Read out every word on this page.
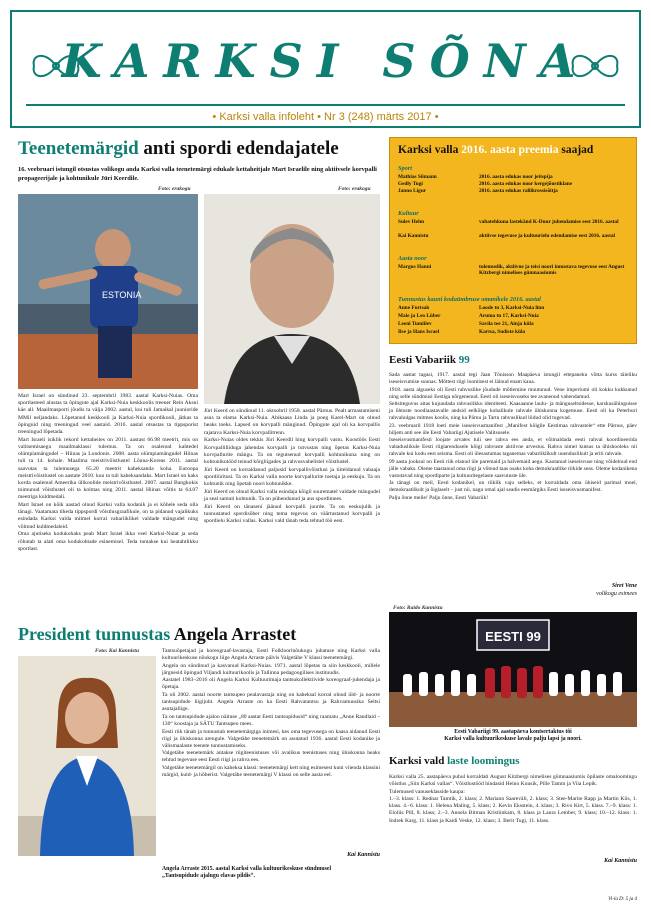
KARKSI SÕNA
• Karksi valla infoleht • Nr 3 (248) märts 2017 •
Teenetemärgid anti spordi edendajatele
16. veebruari istungil otsustas volikogu anda Karksi valla teenetemärgi edukale kettaheitjale Mart Israelile ning aktiivsele korvpalli propageerijale ja kohtunikule Jüri Keerdile.
Foto: erakogu	Foto: erakogu
ESTONIA

Mart Israel on sündinud 23. septembril 1983. aastal Karksi-Nuias. Oma sportlasteed alustas ta õpingute ajal Karksi-Nuia keskkoolis treener Rein Aksni käe all. Maailmasporti jõudis ta välja 2002. aastal, kui tuli Jamaikal juunioride MMil neljandaks. Lõpetanud keskkooli ja Karksi-Nuia spordikooli, jätkas ta õpinguid ning treeningud veel aastaid. 2016. aastal otsustas ta tippsporist treeningud lõpetada.

Mart Israeli isiklik rekord kettaheites on 2011. aastast 66.98 meetrit, mis on valitsemisaegu maailmaklassi tulemus. Ta on osalenud kahtedel olümpiamängudel – Hiinas ja Londonis. 2008. aasta olümpiamängudel Hiinas tuli ta 14. kohale. Maailma meistrivõistlustel Lõuna-Koreas 2011. aastal saavutas ta tulemusega 65.20 meetrit kaheksanda koha. Euroopa meistrivõistlustel on aastate 2010. kuu ta tuli kaheksandaks. Mart Israel on kaks korda osalenud Ameerika ülikoolide meistrivõistlustel. 2007. aastal Bangkokis toimunud võistlustel oli ta kolmas ning 2011. aastal Hiinas võitis ta 64.07 meetriga kuldmedali.

Mart Israel on kõik aastad olnud Karksi valla kodanik ja ei kõhele seda olla tänagi. Vaatamata tiheda tippspordi võistlusgraafikule, on ta pidanud vajalikuks esindada Karksi valda mitmel korral vabariiklikel valdade mängudel ning võitnud kuldmedaleid.

Oma ajutiseks kodukohaks peab Mart Israel ikka veel Karksi-Nuiat ja seda rõhutab ta alati oma kodukohtade esinemisel. Teda tuntakse kui heatahtlikku sportlast.

Jüri Keerd on sündinud 11. oktoobril 1958. aastal Pärnus. Pealt armastamiseni asus ta elama Karksi-Nuia. Abikaasa Linda ja poeg Karel-Mart on olnud heaks toeks. Lapsed on korvpalli mänginud. Õpingute ajal oli ka korvpallis rajatava Karksi-Nuia korvpallitrenn.

Karksi-Nuias oldes tekkis Jüri Keerdil hing korvpalli vastu. Koostöös Eesti Korvpalliliiduga jahendas korvpalli ja tutvustas ning õpetas Karksi-Nuia korvpallurite mängu. Ta on tegutsenud korvpalli kohtunikuna ning on kohtunikutööd teinud kõrgliigades ja rahvusvahelistel võistlustel.

Jüri Keerd on korraldanud paljusid korvpallivõistlusi ja tiiteldanud vabaaja spordiüritusi. Ta on Karksi valla noorte korvpallurite toetaja ja eeskuju. Ta on kohtunik ning õpetab noori kohtunikke.

Jüri Keerd on olnud Karksi valla esindaja kõigil suurematel valdade mängudel ja seal samuti kohtunik. Ta on pühendunud ja aus spordimees.

Jüri Keerd on tänaseni jäänud korvpalli juurde. Ta on eeskujulik ja tunnustatud spordisõber ning tema tegevus on väärtustanud korvpalli ja spordielu Karksi vallas. Karksi vald tänab teda tehtud töö eest.

Karksi valla 2016. aasta preemia saajad
Sport
Mathias Siimann	2016. aasta edukas noor jetispija
Gedly Tugi	2016. aasta edukas noor kergejõustiklane
Janno Ligur	2016. aasta edukas rallikrossisõitja
Kultuur
Sulev Helm	vahatehkuna lastekänd K-Duur juhendamise eest 2016. aastal
Kai Kannistu	aktiivse tegevuse ja kultuurielu edendamise eest 2016. aastal
Aasta noor
Margus Hanni	tulemuslik, aktiivne ja teisi noori innustava tegevuse eest Angust Kitzbergi nimelises gümnaasiumis
Tunnustus kauni koduümbruse omanikele 2016. aastal
Anne Furtsak	Loode tn 3, Karksi-Nuia linn
Maie ja Leo Lüber	Aruma tn 17, Karksi-Nuia
Leeni Tumiilev	Savila tee 21, Ainja küla
Ilse ja Hans Israel	Kartsa, Sudiste küla
Eesti Vabariik 99

Sada aastat tagasi, 1917. aastal tegi Jaan Tõnisson Maapäeva istungil ettepaneku võtta kurss täieliku iseseisvumise suunas. Mõttest riigi loomisest ei läinud enam kaua.

1918. aasta alguseks oli Eesti rahvuslike jõudude mõtlemine muutunud. Vene imperiumi oli kokku kukkunud ning selle sündmusi Eestiga nõrgenenud. Eesti oli iseseisvuseks tee avanenud vahendamud.

Seltsiteguvus aitas kujundada rahvuslikku identiteeti. Kaasaanne laulu- ja mänguseltsidesse, karskusühinguisse ja õhtuste noodiaastavalle andsid eelkõige kohalikule rahvale ühiskonna kogemuse. Eesti oli ka Peterburi rahvahulgas mitmes koolis, ning ka Pärnu ja Tartu rahvuslikud liidud olid tugevad.

23. veebruaril 1918 loeti meie iseseisvusmanifest „Manifest kõigile Eestimaa rahvastele“ ette Pärnus, päev hiljem anti see üle Eesti Vabariigi Ajutisele Valitsusele.

Iseseisvusmanifesti loojate arvates tuli see rahva ees anda, et võimaldada eesti rahval koordineerida vabaduslikule Eesti riigiarendusele kõigi rahvuste aktiivne arvestus. Rahva nimel kutsus ta ühishooleks nii rahvale kui kodu eest seisma. Eesti oli ülesastumas taganemas vabariiklikult uuenduslikult ja eriti rahvale.

99 aasta jooksul on Eesti riik elanud üle paremaid ja halvemaid aegu. Kaotanud iseseisvuse ning võidelnud end jälle vabaks. Oleme taastanud oma riigi ja võtnud taas osaks koha demokraatlike riikide seas. Oleme kodanikena vastutavad ning spordiparte ja kultuuritegelaste saavutuste üle.

Ja tänagi on meil, Eesti kodanikel, on riiklik vaju selleks, et korraldada oma ühiseid parimal moel, demokraatlikult ja õiglaselt – just nii, nagu omal ajal seadis eesmärgiks Eesti iseseisvusmanifest.

Palju õnne meile! Palju õnne, Eesti Vabariik!

Siret Vene
volikogu esimees
Foto: Raido Kannistu
EESTI 99
Eesti Vabariigi 99. aastapäeva kontsertaktus tõi
Karksi valla kultuurikeskuse lavale palju lapsi ja noori.
President tunnustas Angela Arrastet
Foto: Kai Kannistu	Tantsuõpetajad ja koreograaf-lavastaja, Eesti Folkloorinõukogu juhatuse ning Karksi valla kultuurikeskuse nõukogu liige Angela Arraste pälvis Valgetähe V klassi teenetemärgi.

Angela on sündinud ja kasvanud Karksi-Nuias. 1971. aastal lõpetas ta siin keskkooli, millele järgnesid õpingud Viljandi kultuurikoolis ja Tallinna pedagoogilises instituudis.

Aastatel 1983–2016 oli Angela Karksi Kultuurimaja tantsukollektiivide koreograaf-juhendaja ja õpetaja.

Ta oli 2002. aastal noorte tantsupeo pealavastaja ning on kaheksal korral olnud üld- ja noorte tantsupidude liigijuht. Angela Arraste on ka Eesti Rahvatantsu ja Rahvamuusika Seltsi asutajaliige.

Ta on tantsupidude ajaloo näituse „80 aastat Eesti tantsupidusid“ ning raamatu „Anne Randlaid – 130“ koostaja ja SÄTU Tantsupeo mees.

Eesti riik tänab ja tunnustab teenetemärgiga inimesi, kes oma tegevusega on kaasa aidanud Eesti riigi ja ühiskonna arengule. Valgetähe teenetemärk on asutatud 1936. aastal Eesti kodanike ja välismaalaste teenete tunnustamiseks.

Valgetähe teenetemärk antakse riigiteenistuses või avalikus teenistuses ning ühiskonna heaks tehtud tegevuse eest Eesti riigi ja rahva ees.

Valgetähe teenetemärgil on kaheksa klassi: teenetemärgi kett ning esimesest kuni viienda klassini märgid, kuld- ja hõberist. Valgetähe teenetemärgi V klassi on selle aasta eel.

Kai Kannistu
Angela Arraste 2015. aastal Karksi valla kultuurikeskuse sündmusel
„Tantsupidude ajalugu elavas pildis“.
Karksi vald laste loomingus

Karksi valla 25. aastapäeva puhul korraldati August Kitzbergi nimelises gümnaasiumis õpilaste omaloomingu võistlus „Siin Karksi vallas“. Võistlustööd hindasid Heino Kuusik, Pille Tamm ja Viia Lepik.

Tulemused vanuseklasside kaupa:

1.–3. klass: 1. Rednar Tamtik, 2. klass; 2. Mariann Saareväli, 2. klass; 3. Stee-Marite Rapp ja Martin Kiis, 1. klass. 4.–6. klass: 1. Helena Maling, 5. klass; 2. Kevin Eksstein, 4. klass; 3. Rivo Kirt, 5. klass. 7.–9. klass: 1. Eloliis Pill, 8. klass; 2.–3. Annela Bitman Kristiinkam, 8. klass ja Laura Lember, 9. klass; 10.–12. klass: 1. Indrek Karg, 11. klass ja Kaidi Veske, 12. klass; 3. Berit Tugi, 11. klass.

Kai Kannistu
Vi-la D: 5 ja 4
